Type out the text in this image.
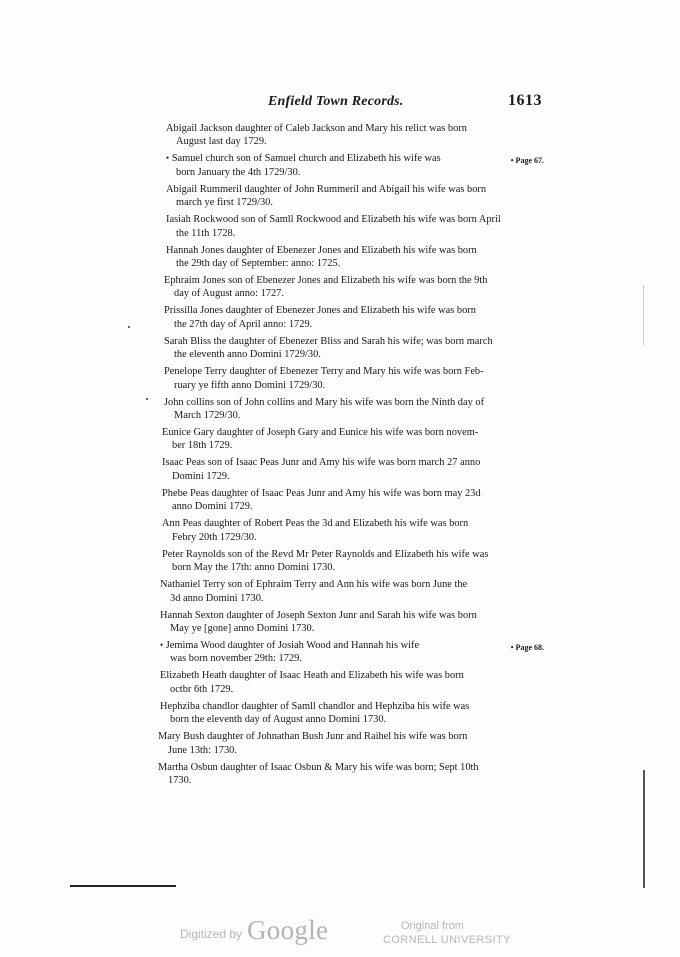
Enfield Town Records.	1613
Abigail Jackson daughter of Caleb Jackson and Mary his relict was born
August last day 1729.
• Samuel church son of Samuel church and Elizabeth his wife was	• Page 67.
born January the 4th 1729/30.
Abigail Rummeril daughter of John Rummeril and Abigail his wife was born
march ye first 1729/30.
Iasiah Rockwood son of Samll Rockwood and Elizabeth his wife was born April
the 11th 1728.
Hannah Jones daughter of Ebenezer Jones and Elizabeth his wife was born
the 29th day of September: anno: 1725.
Ephraim Jones son of Ebenezer Jones and Elizabeth his wife was born the 9th
day of August anno: 1727.
Prissilla Jones daughter of Ebenezer Jones and Elizabeth his wife was born
the 27th day of April anno: 1729.
Sarah Bliss the daughter of Ebenezer Bliss and Sarah his wife; was born march
the eleventh anno Domini 1729/30.
Penelope Terry daughter of Ebenezer Terry and Mary his wife was born Feb-
ruary ye fifth anno Domini 1729/30.
John collins son of John collins and Mary his wife was born the Ninth day of
March 1729/30.
Eunice Gary daughter of Joseph Gary and Eunice his wife was born novem-
ber 18th 1729.
Isaac Peas son of Isaac Peas Junr and Amy his wife was born march 27 anno
Domini 1729.
Phebe Peas daughter of Isaac Peas Junr and Amy his wife was born may 23d
anno Domini 1729.
Ann Peas daughter of Robert Peas the 3d and Elizabeth his wife was born
Febry 20th 1729/30.
Peter Raynolds son of the Revd Mr Peter Raynolds and Elizabeth his wife was
born May the 17th: anno Domini 1730.
Nathaniel Terry son of Ephraim Terry and Ann his wife was born June the
3d anno Domini 1730.
Hannah Sexton daughter of Joseph Sexton Junr and Sarah his wife was born
May ye [gone] anno Domini 1730.
• Jemima Wood daughter of Josiah Wood and Hannah his wife	• Page 68.
was born november 29th: 1729.
Elizabeth Heath daughter of Isaac Heath and Elizabeth his wife was born
octbr 6th 1729.
Hephziba chandlor daughter of Samll chandlor and Hephziba his wife was
born the eleventh day of August anno Domini 1730.
Mary Bush daughter of Johnathan Bush Junr and Raihel his wife was born
June 13th: 1730.
Martha Osbun daughter of Isaac Osbun & Mary his wife was born; Sept 10th
1730.
Digitized by Google	Original from
CORNELL UNIVERSITY
